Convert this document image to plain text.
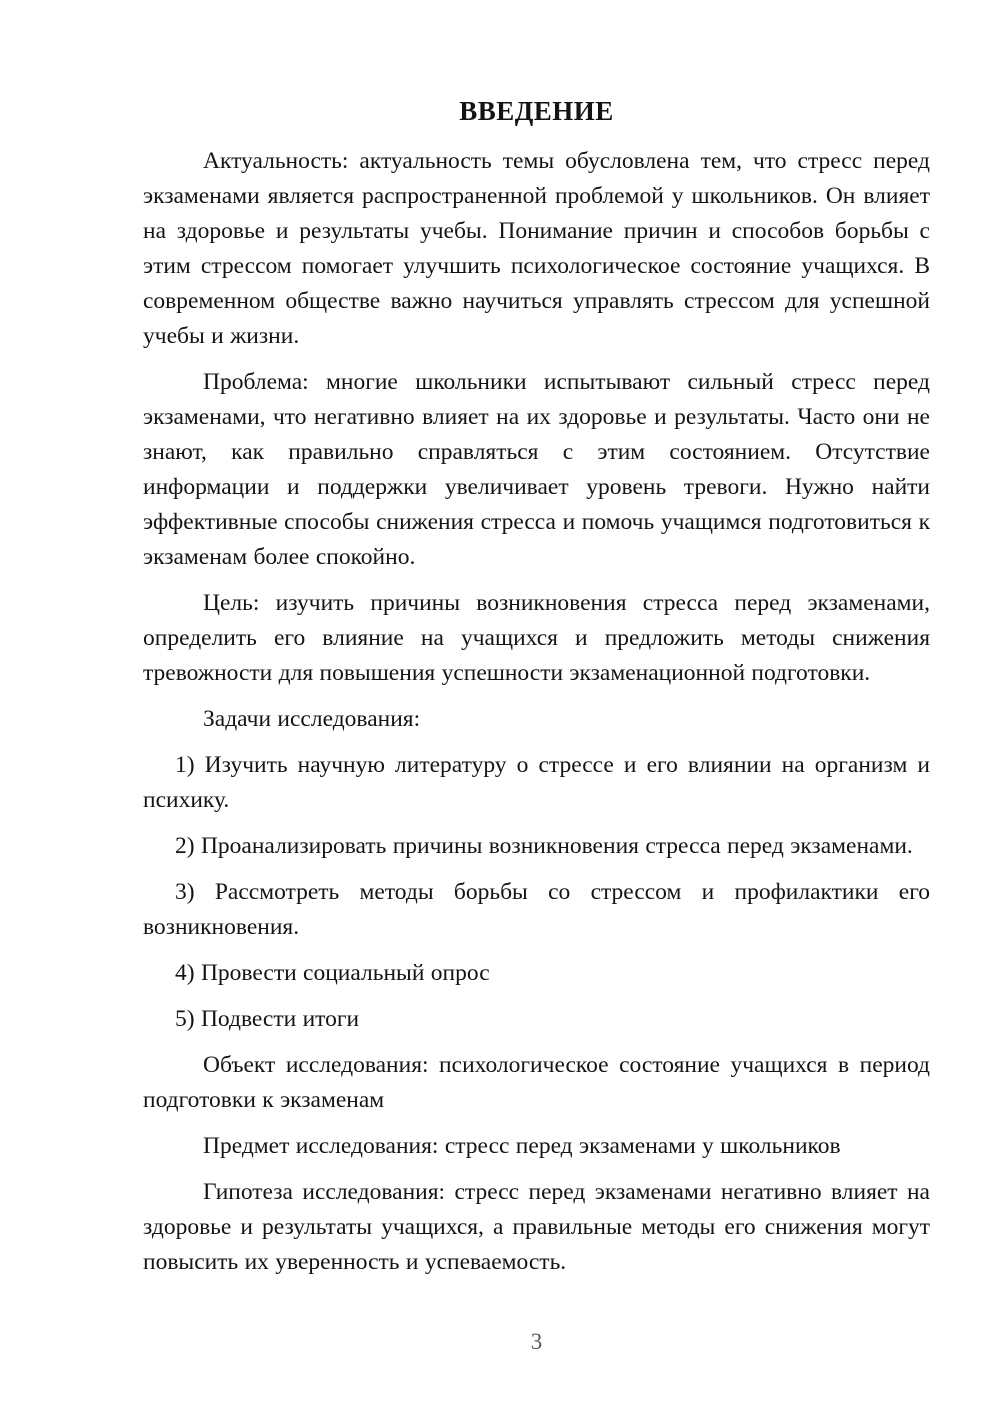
ВВЕДЕНИЕ

Актуальность: актуальность темы обусловлена тем, что стресс перед экзаменами является распространенной проблемой у школьников. Он влияет на здоровье и результаты учебы. Понимание причин и способов борьбы с этим стрессом помогает улучшить психологическое состояние учащихся. В современном обществе важно научиться управлять стрессом для успешной учебы и жизни.

Проблема: многие школьники испытывают сильный стресс перед экзаменами, что негативно влияет на их здоровье и результаты. Часто они не знают, как правильно справляться с этим состоянием. Отсутствие информации и поддержки увеличивает уровень тревоги. Нужно найти эффективные способы снижения стресса и помочь учащимся подготовиться к экзаменам более спокойно.

Цель: изучить причины возникновения стресса перед экзаменами, определить его влияние на учащихся и предложить методы снижения тревожности для повышения успешности экзаменационной подготовки.

Задачи исследования:

1) Изучить научную литературу о стрессе и его влиянии на организм и психику.

2) Проанализировать причины возникновения стресса перед экзаменами.

3) Рассмотреть методы борьбы со стрессом и профилактики его возникновения.

4) Провести социальный опрос

5) Подвести итоги

Объект исследования: психологическое состояние учащихся в период подготовки к экзаменам

Предмет исследования: стресс перед экзаменами у школьников

Гипотеза исследования: стресс перед экзаменами негативно влияет на здоровье и результаты учащихся, а правильные методы его снижения могут повысить их уверенность и успеваемость.

3
